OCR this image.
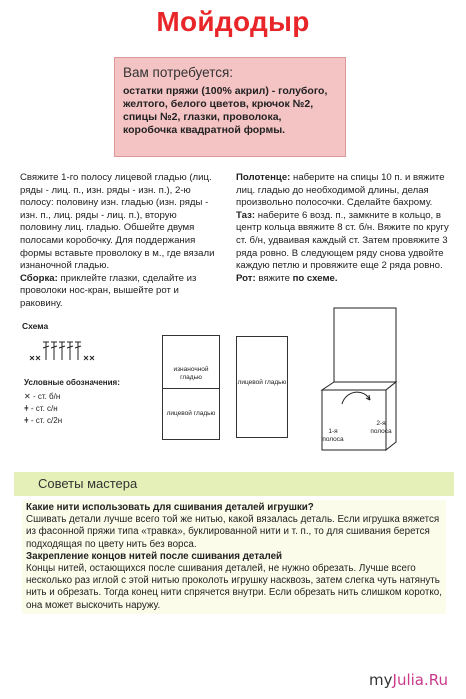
Мойдодыр
Вам потребуется:
остатки пряжи (100% акрил) - голубого, желтого, белого цветов, крючок №2, спицы №2, глазки, проволока, коробочка квадратной формы.

Свяжите 1-го полосу лицевой гладью (лиц. ряды - лиц. п., изн. ряды - изн. п.), 2-ю полосу: половину изн. гладью (изн. ряды - изн. п., лиц. ряды - лиц. п.), вторую половину лиц. гладью. Обшейте двумя полосами коробочку. Для поддержания формы вставьте проволоку в м., где вязали изнаночной гладью.

Сборка: приклейте глазки, сделайте из проволоки нос-кран, вышейте рот и раковину.

Полотенце: наберите на спицы 10 п. и вяжите лиц. гладью до необходимой длины, делая произвольно полосочки. Сделайте бахрому.

Таз: наберите 6 возд. п., замкните в кольцо, в центр кольца ввяжите 8 ст. б/н. Вяжите по кругу ст. б/н, удваивая каждый ст. Затем провяжите 3 ряда ровно. В следующем ряду снова удвойте каждую петлю и провяжите еще 2 ряда ровно.

Рот: вяжите по схеме.

Схема
Условные обозначения:
✕ - ст. б/н
ǂ - ст. с/н
ǂ - ст. с/2н
изнаночной гладью
лицевой гладью
лицевой гладью
1-я полоса
2-я полоса
Советы мастера

Какие нити использовать для сшивания деталей игрушки?

Сшивать детали лучше всего той же нитью, какой вязалась деталь. Если игрушка вяжется из фасонной пряжи типа «травка», буклированной нити и т. п., то для сшивания берется подходящая по цвету нить без ворса.

Закрепление концов нитей после сшивания деталей

Концы нитей, остающихся после сшивания деталей, не нужно обрезать. Лучше всего несколько раз иглой с этой нитью проколоть игрушку насквозь, затем слегка чуть натянуть нить и обрезать. Тогда конец нити спрячется внутри. Если обрезать нить слишком коротко, она может выскочить наружу.

myJulia.Ru
